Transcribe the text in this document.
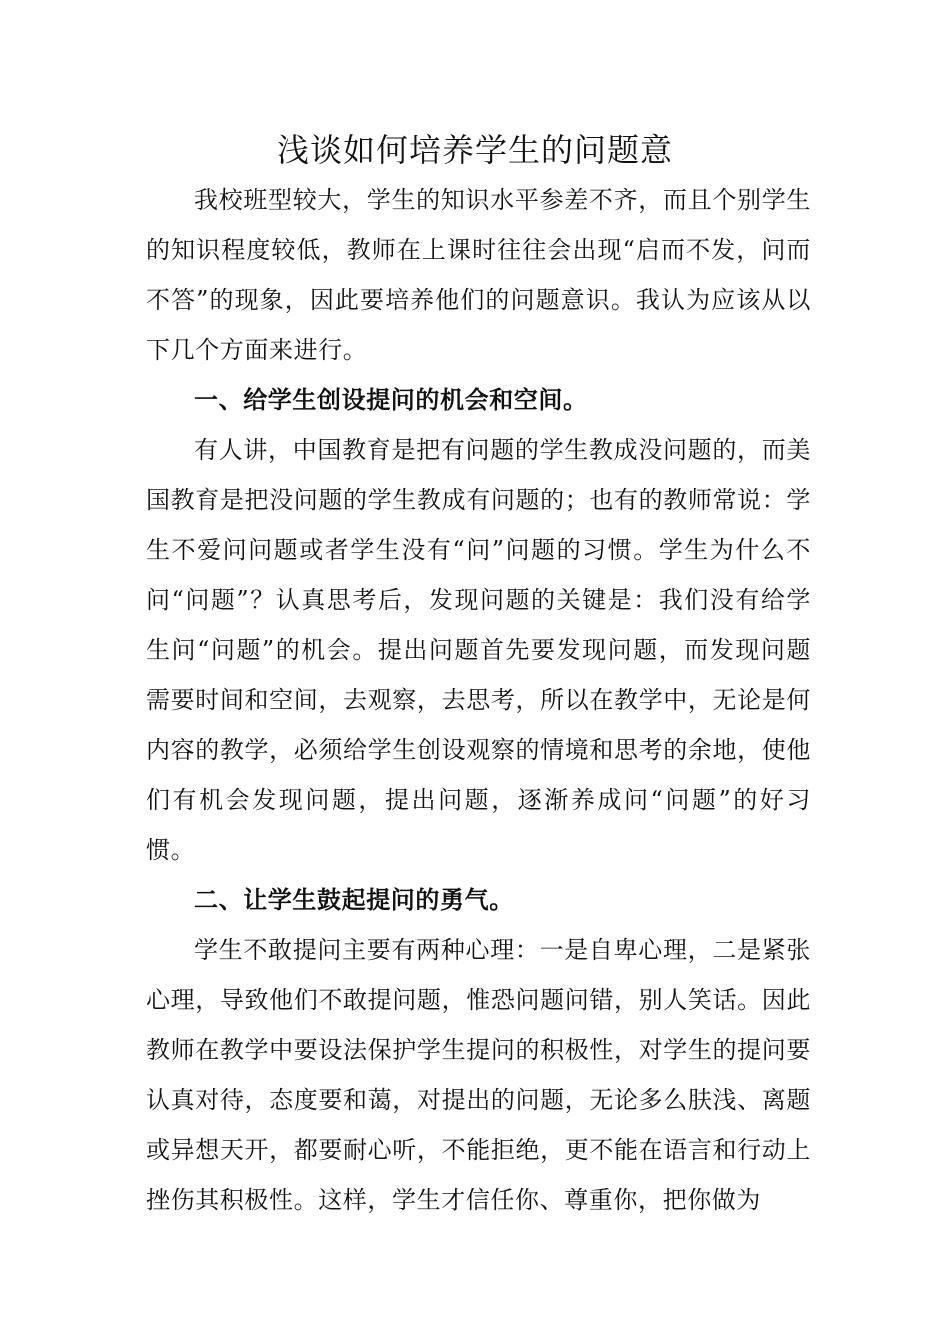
浅谈如何培养学生的问题意

我校班型较大，学生的知识水平参差不齐，而且个别学生的知识程度较低，教师在上课时往往会出现“启而不发，问而不答”的现象，因此要培养他们的问题意识。我认为应该从以下几个方面来进行。

一、给学生创设提问的机会和空间。

有人讲，中国教育是把有问题的学生教成没问题的，而美国教育是把没问题的学生教成有问题的；也有的教师常说：学生不爱问问题或者学生没有“问”问题的习惯。学生为什么不问“问题”？认真思考后，发现问题的关键是：我们没有给学生问“问题”的机会。提出问题首先要发现问题，而发现问题需要时间和空间，去观察，去思考，所以在教学中，无论是何内容的教学，必须给学生创设观察的情境和思考的余地，使他们有机会发现问题，提出问题，逐渐养成问“问题”的好习惯。

二、让学生鼓起提问的勇气。

学生不敢提问主要有两种心理：一是自卑心理，二是紧张心理，导致他们不敢提问题，惟恐问题问错，别人笑话。因此教师在教学中要设法保护学生提问的积极性，对学生的提问要认真对待，态度要和蔼，对提出的问题，无论多么肤浅、离题或异想天开，都要耐心听，不能拒绝，更不能在语言和行动上挫伤其积极性。这样，学生才信任你、尊重你，把你做为
